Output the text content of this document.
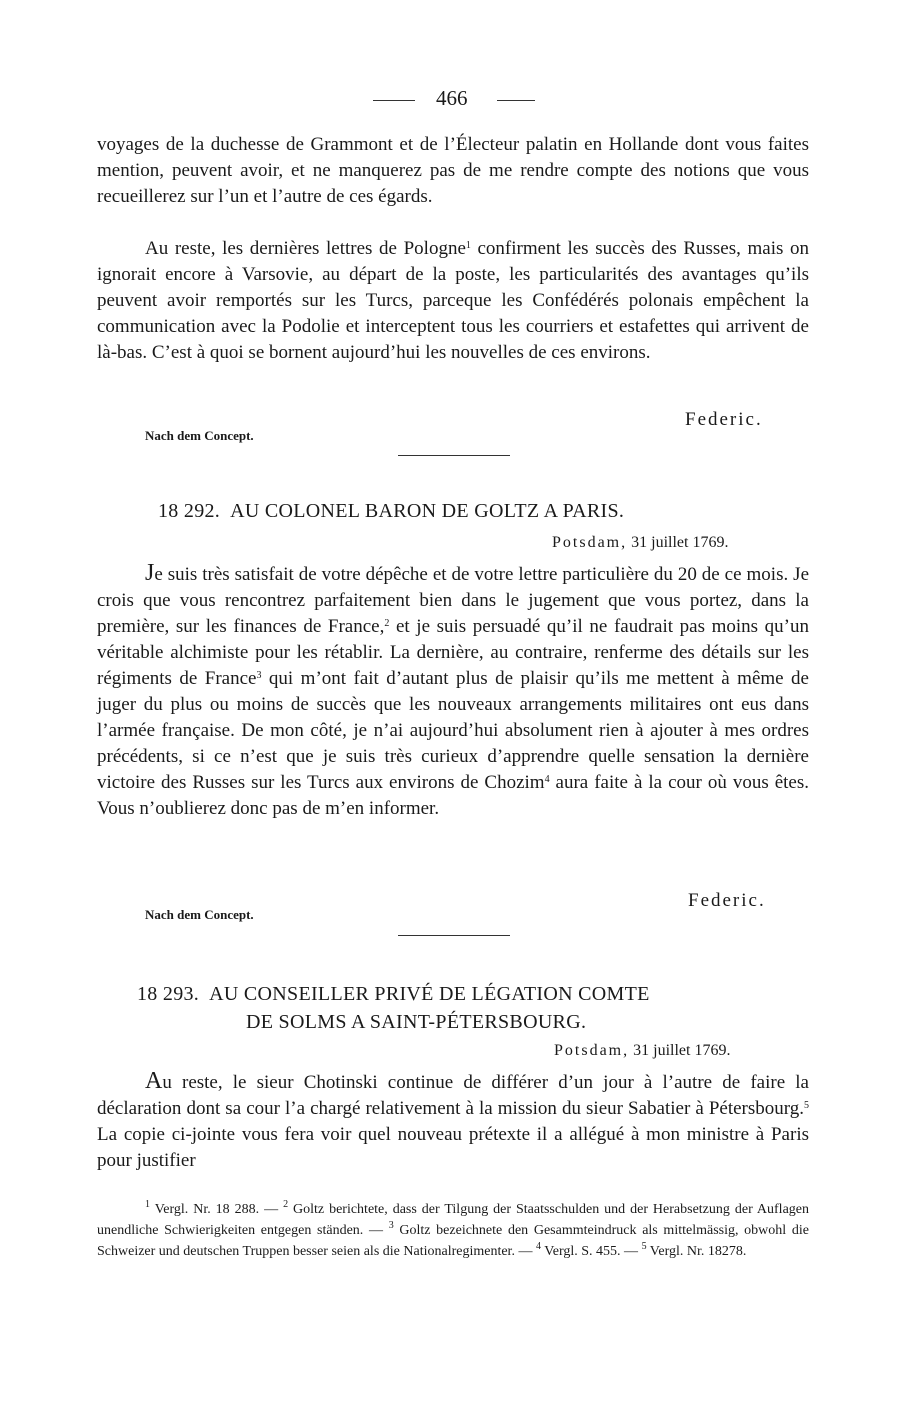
466
voyages de la duchesse de Grammont et de l’Électeur palatin en Hollande dont vous faites mention, peuvent avoir, et ne manquerez pas de me rendre compte des notions que vous recueillerez sur l’un et l’autre de ces égards.
Au reste, les dernières lettres de Pologne$^1$ confirment les succès des Russes, mais on ignorait encore à Varsovie, au départ de la poste, les particularités des avantages qu’ils peuvent avoir remportés sur les Turcs, parceque les Confédérés polonais empêchent la communication avec la Podolie et interceptent tous les courriers et estafettes qui arrivent de là-bas. C’est à quoi se bornent aujourd’hui les nouvelles de ces environs.
Federic.
Nach dem Concept.
18 292. AU COLONEL BARON DE GOLTZ A PARIS.
Potsdam, 31 juillet 1769.
Je suis très satisfait de votre dépêche et de votre lettre particulière du 20 de ce mois. Je crois que vous rencontrez parfaitement bien dans le jugement que vous portez, dans la première, sur les finances de France,$^2$ et je suis persuadé qu’il ne faudrait pas moins qu’un véritable alchimiste pour les rétablir. La dernière, au contraire, renferme des détails sur les régiments de France$^3$ qui m’ont fait d’autant plus de plaisir qu’ils me mettent à même de juger du plus ou moins de succès que les nouveaux arrangements militaires ont eus dans l’armée française. De mon côté, je n’ai aujourd’hui absolument rien à ajouter à mes ordres précédents, si ce n’est que je suis très curieux d’apprendre quelle sensation la dernière victoire des Russes sur les Turcs aux environs de Chozim$^4$ aura faite à la cour où vous êtes. Vous n’oublierez donc pas de m’en informer.
Federic.
Nach dem Concept.
18 293. AU CONSEILLER PRIVÉ DE LÉGATION COMTE
DE SOLMS A SAINT-PÉTERSBOURG.
Potsdam, 31 juillet 1769.
Au reste, le sieur Chotinski continue de différer d’un jour à l’autre de faire la déclaration dont sa cour l’a chargé relativement à la mission du sieur Sabatier à Pétersbourg.$^5$ La copie ci-jointe vous fera voir quel nouveau prétexte il a allégué à mon ministre à Paris pour justifier
$^1$ Vergl. Nr. 18 288. — $^2$ Goltz berichtete, dass der Tilgung der Staatsschulden und der Herabsetzung der Auflagen unendliche Schwierigkeiten entgegen ständen. — $^3$ Goltz bezeichnete den Gesammteindruck als mittelmässig, obwohl die Schweizer und deutschen Truppen besser seien als die Nationalregimenter. — $^4$ Vergl. S. 455. — $^5$ Vergl. Nr. 18278.
